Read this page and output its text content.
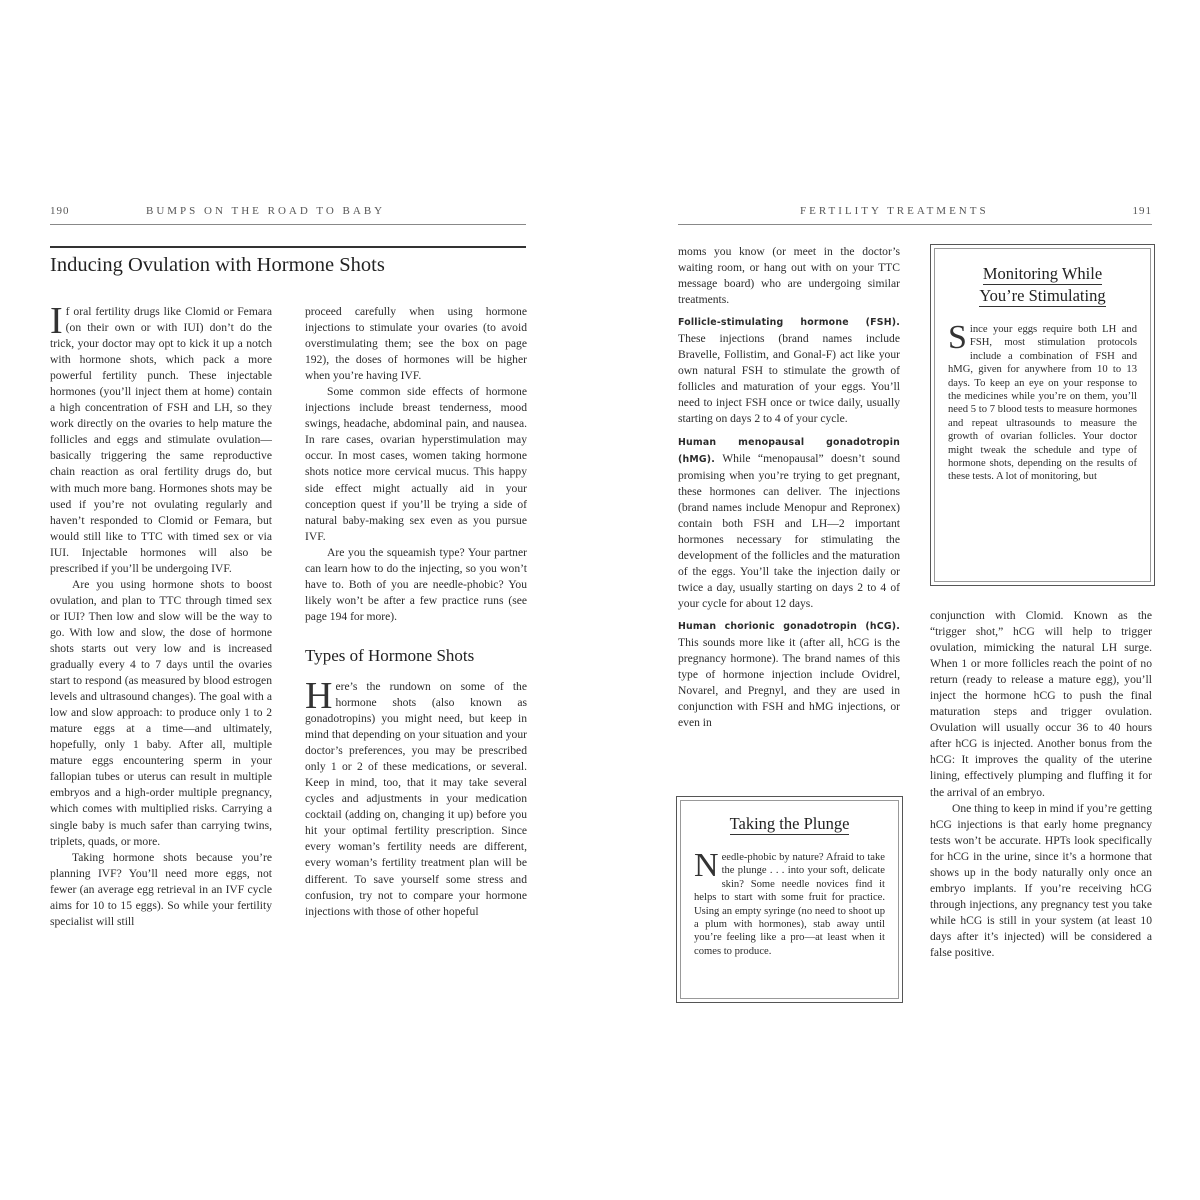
190	BUMPS ON THE ROAD TO BABY
Inducing Ovulation with Hormone Shots

If oral fertility drugs like Clomid or Femara (on their own or with IUI) don’t do the trick, your doctor may opt to kick it up a notch with hormone shots, which pack a more powerful fertility punch. These injectable hormones (you’ll inject them at home) contain a high concentration of FSH and LH, so they work directly on the ovaries to help mature the follicles and eggs and stimulate ovulation—basically triggering the same reproductive chain reaction as oral fertility drugs do, but with much more bang. Hormones shots may be used if you’re not ovulating regularly and haven’t responded to Clomid or Femara, but would still like to TTC with timed sex or via IUI. Injectable hormones will also be prescribed if you’ll be undergoing IVF.

Are you using hormone shots to boost ovulation, and plan to TTC through timed sex or IUI? Then low and slow will be the way to go. With low and slow, the dose of hormone shots starts out very low and is increased gradually every 4 to 7 days until the ovaries start to respond (as measured by blood estrogen levels and ultrasound changes). The goal with a low and slow approach: to produce only 1 to 2 mature eggs at a time—and ultimately, hopefully, only 1 baby. After all, multiple mature eggs encountering sperm in your fallopian tubes or uterus can result in multiple embryos and a high-order multiple pregnancy, which comes with multiplied risks. Carrying a single baby is much safer than carrying twins, triplets, quads, or more.

Taking hormone shots because you’re planning IVF? You’ll need more eggs, not fewer (an average egg retrieval in an IVF cycle aims for 10 to 15 eggs). So while your fertility specialist will still

proceed carefully when using hormone injections to stimulate your ovaries (to avoid overstimulating them; see the box on page 192), the doses of hormones will be higher when you’re having IVF.

Some common side effects of hormone injections include breast tenderness, mood swings, headache, abdominal pain, and nausea. In rare cases, ovarian hyperstimulation may occur. In most cases, women taking hormone shots notice more cervical mucus. This happy side effect might actually aid in your conception quest if you’ll be trying a side of natural baby-making sex even as you pursue IVF.

Are you the squeamish type? Your partner can learn how to do the injecting, so you won’t have to. Both of you are needle-phobic? You likely won’t be after a few practice runs (see page 194 for more).

Types of Hormone Shots

Here’s the rundown on some of the hormone shots (also known as gonadotropins) you might need, but keep in mind that depending on your situation and your doctor’s preferences, you may be prescribed only 1 or 2 of these medications, or several. Keep in mind, too, that it may take several cycles and adjustments in your medication cocktail (adding on, changing it up) before you hit your optimal fertility prescription. Since every woman’s fertility needs are different, every woman’s fertility treatment plan will be different. To save yourself some stress and confusion, try not to compare your hormone injections with those of other hopeful

FERTILITY TREATMENTS	191

moms you know (or meet in the doctor’s waiting room, or hang out with on your TTC message board) who are undergoing similar treatments.

Follicle-stimulating hormone (FSH). These injections (brand names include Bravelle, Follistim, and Gonal-F) act like your own natural FSH to stimulate the growth of follicles and maturation of your eggs. You’ll need to inject FSH once or twice daily, usually starting on days 2 to 4 of your cycle.

Human menopausal gonadotropin (hMG). While “menopausal” doesn’t sound promising when you’re trying to get pregnant, these hormones can deliver. The injections (brand names include Menopur and Repronex) contain both FSH and LH—2 important hormones necessary for stimulating the development of the follicles and the maturation of the eggs. You’ll take the injection daily or twice a day, usually starting on days 2 to 4 of your cycle for about 12 days.

Human chorionic gonadotropin (hCG). This sounds more like it (after all, hCG is the pregnancy hormone). The brand names of this type of hormone injection include Ovidrel, Novarel, and Pregnyl, and they are used in conjunction with FSH and hMG injections, or even in

Taking the Plunge
Needle-phobic by nature? Afraid to take the plunge . . . into your soft, delicate skin? Some needle novices find it helps to start with some fruit for practice. Using an empty syringe (no need to shoot up a plum with hormones), stab away until you’re feeling like a pro—at least when it comes to produce.
Monitoring While You’re Stimulating
Since your eggs require both LH and FSH, most stimulation protocols include a combination of FSH and hMG, given for anywhere from 10 to 13 days. To keep an eye on your response to the medicines while you’re on them, you’ll need 5 to 7 blood tests to measure hormones and repeat ultrasounds to measure the growth of ovarian follicles. Your doctor might tweak the schedule and type of hormone shots, depending on the results of these tests. A lot of monitoring, but

conjunction with Clomid. Known as the “trigger shot,” hCG will help to trigger ovulation, mimicking the natural LH surge. When 1 or more follicles reach the point of no return (ready to release a mature egg), you’ll inject the hormone hCG to push the final maturation steps and trigger ovulation. Ovulation will usually occur 36 to 40 hours after hCG is injected. Another bonus from the hCG: It improves the quality of the uterine lining, effectively plumping and fluffing it for the arrival of an embryo.

One thing to keep in mind if you’re getting hCG injections is that early home pregnancy tests won’t be accurate. HPTs look specifically for hCG in the urine, since it’s a hormone that shows up in the body naturally only once an embryo implants. If you’re receiving hCG through injections, any pregnancy test you take while hCG is still in your system (at least 10 days after it’s injected) will be considered a false positive.
